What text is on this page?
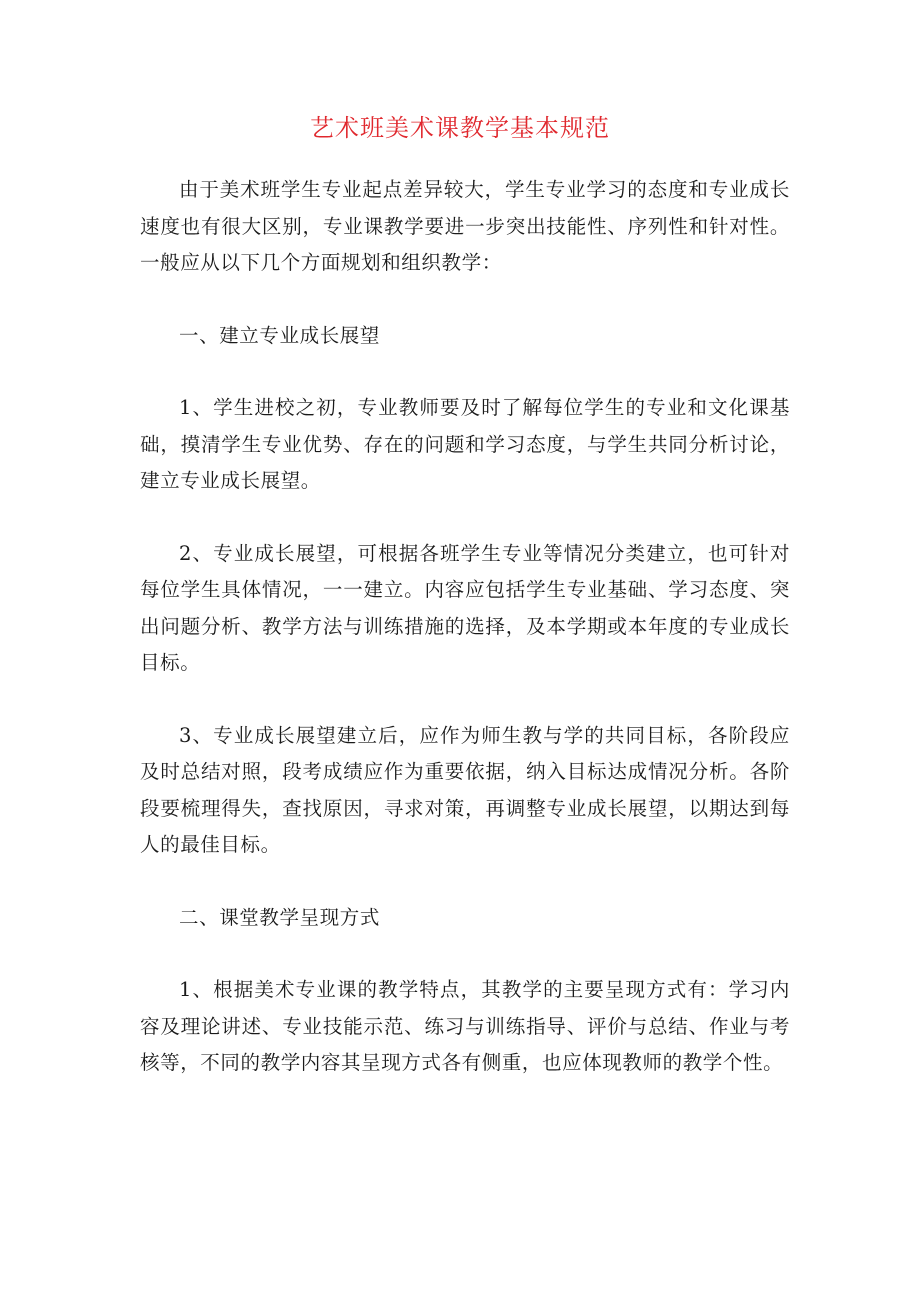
艺术班美术课教学基本规范

由于美术班学生专业起点差异较大，学生专业学习的态度和专业成长速度也有很大区别，专业课教学要进一步突出技能性、序列性和针对性。一般应从以下几个方面规划和组织教学：

一、建立专业成长展望

1、学生进校之初，专业教师要及时了解每位学生的专业和文化课基础，摸清学生专业优势、存在的问题和学习态度，与学生共同分析讨论，建立专业成长展望。

2、专业成长展望，可根据各班学生专业等情况分类建立，也可针对每位学生具体情况，一一建立。内容应包括学生专业基础、学习态度、突出问题分析、教学方法与训练措施的选择，及本学期或本年度的专业成长目标。

3、专业成长展望建立后，应作为师生教与学的共同目标，各阶段应及时总结对照，段考成绩应作为重要依据，纳入目标达成情况分析。各阶段要梳理得失，查找原因，寻求对策，再调整专业成长展望，以期达到每人的最佳目标。

二、课堂教学呈现方式

1、根据美术专业课的教学特点，其教学的主要呈现方式有：学习内容及理论讲述、专业技能示范、练习与训练指导、评价与总结、作业与考核等，不同的教学内容其呈现方式各有侧重，也应体现教师的教学个性。
